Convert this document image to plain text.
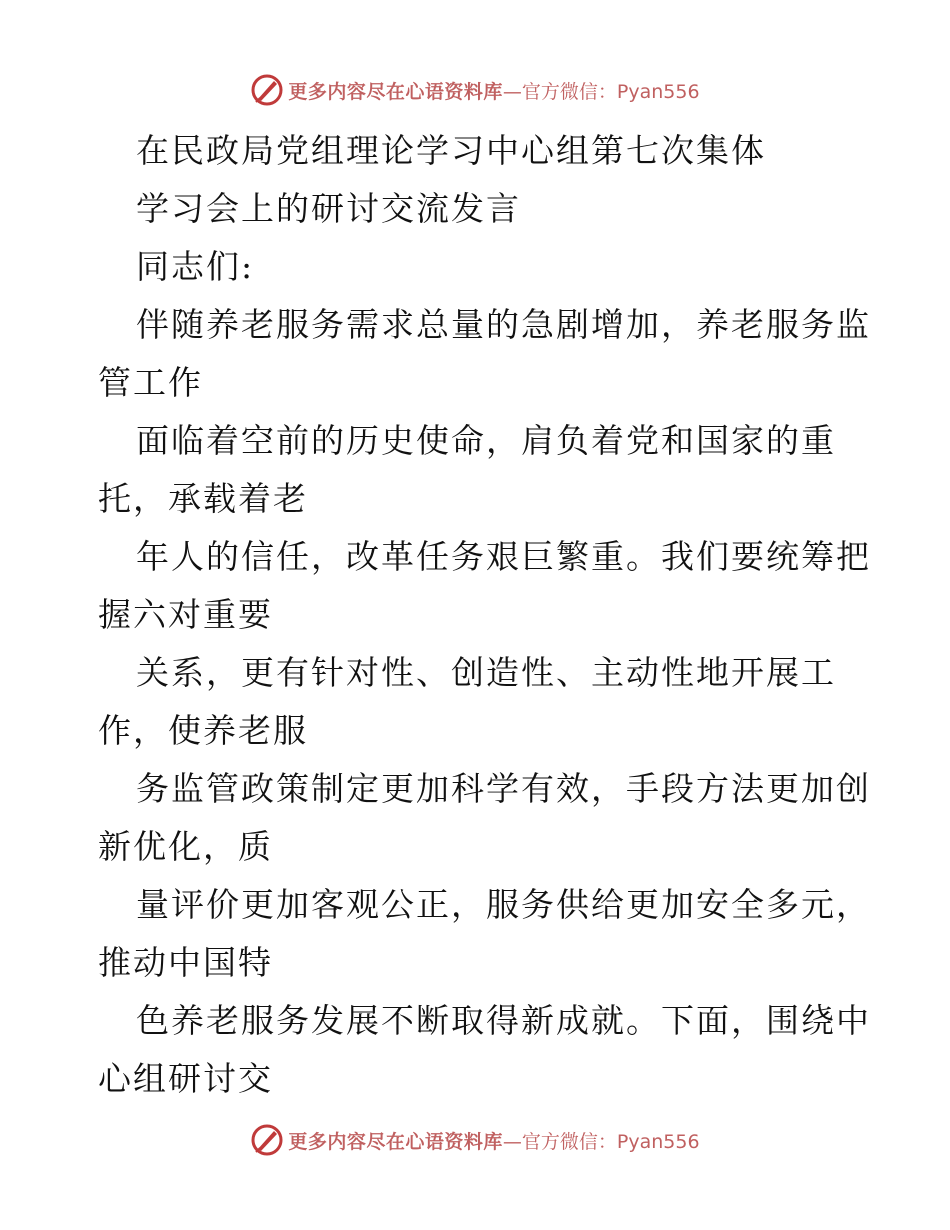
更多内容尽在心语资料库 —官方微信：Pyan556
在民政局党组理论学习中心组第七次集体
学习会上的研讨交流发言
同志们:
伴随养老服务需求总量的急剧增加，养老服务监
管工作
面临着空前的历史使命，肩负着党和国家的重
托，承载着老
年人的信任，改革任务艰巨繁重。我们要统筹把
握六对重要
关系，更有针对性、创造性、主动性地开展工
作，使养老服
务监管政策制定更加科学有效，手段方法更加创
新优化，质
量评价更加客观公正，服务供给更加安全多元，
推动中国特
色养老服务发展不断取得新成就。下面，围绕中
心组研讨交
更多内容尽在心语资料库 —官方微信：Pyan556
